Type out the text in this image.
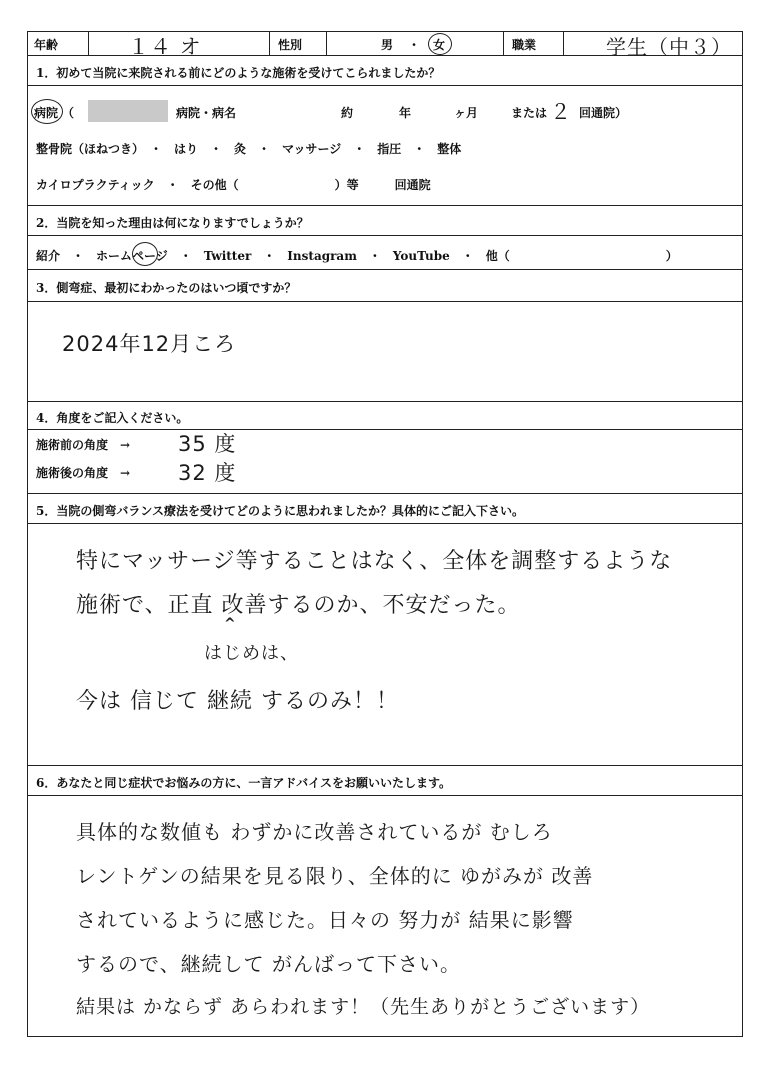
年齢	１４ オ	性別	男 ・ 女	職業	学生（中３）
1．初めて当院に来院される前にどのような施術を受けてこられましたか？
病院 （	病院・病名	約	年	ヶ月	または ２ 回通院）
整骨院（ほねつき）　・　はり　・　灸　・　マッサージ　・　指圧　・　整体
カイロプラクティック　・　その他（　　　　　　　　）等　　　回通院
2．当院を知った理由は何になりますでしょうか？
紹介　・　ホームページ　・　Twitter　・　Instagram　・　YouTube　・　他（　　　　　　　　　　　　　）
3．側弯症、最初にわかったのはいつ頃ですか？
2024年12月ころ
4．角度をご記入ください。
施術前の角度　→ 35 度
施術後の角度　→ 32 度
5．当院の側弯バランス療法を受けてどのように思われましたか？具体的にご記入下さい。
特にマッサージ等することはなく、全体を調整するような
施術で、正直 改善するのか、不安だった。
^
はじめは、
今は 信じて 継続 するのみ！！
6．あなたと同じ症状でお悩みの方に、一言アドバイスをお願いいたします。
具体的な数値も わずかに改善されているが むしろ
レントゲンの結果を見る限り、全体的に ゆがみが 改善
されているように感じた。日々の 努力が 結果に影響
するので、継続して がんばって下さい。
結果は かならず あらわれます！（先生ありがとうございます）
